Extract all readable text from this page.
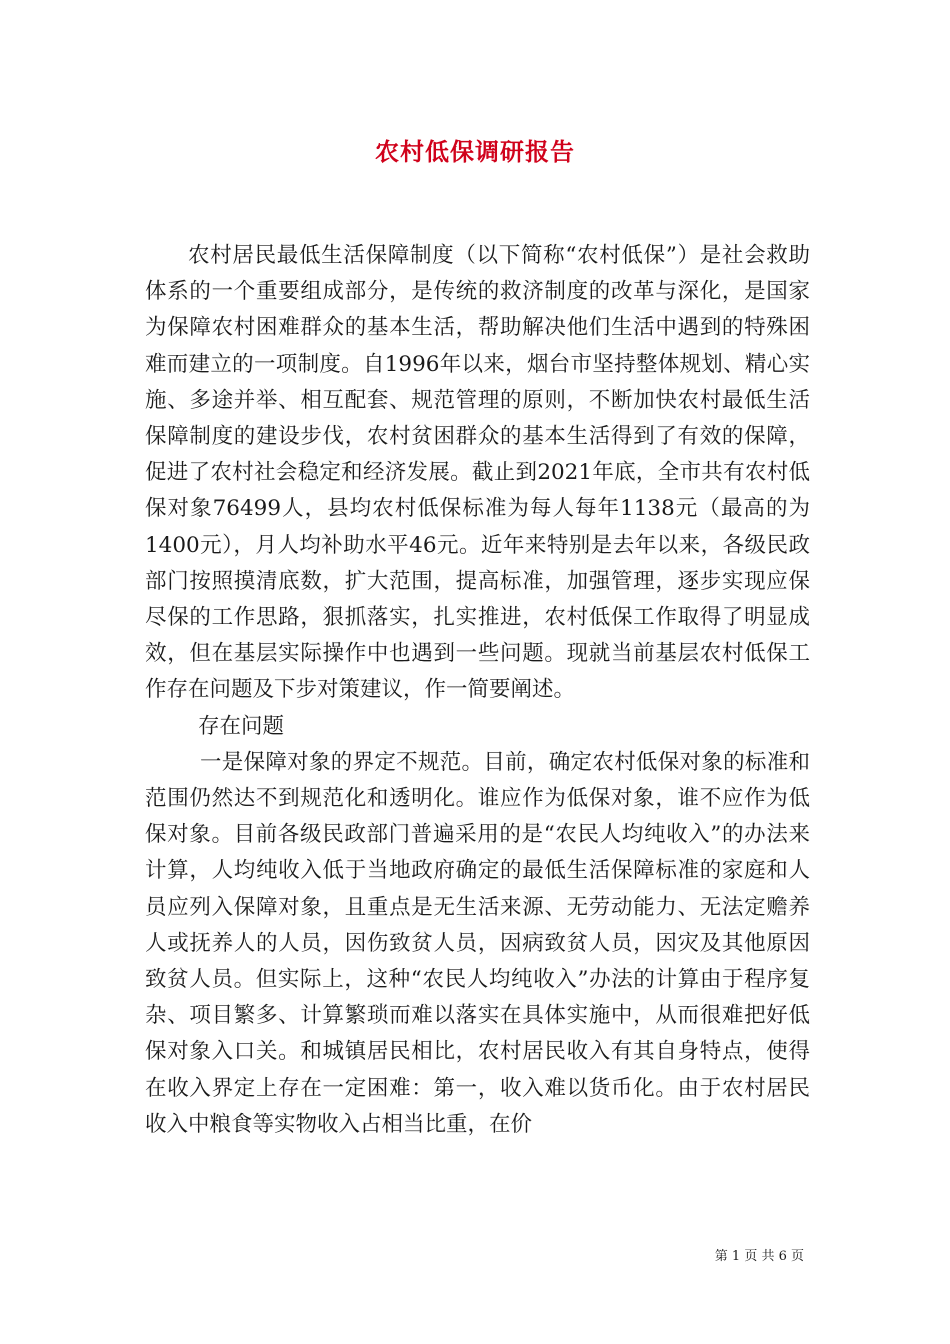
农村低保调研报告

农村居民最低生活保障制度（以下简称“农村低保”）是社会救助体系的一个重要组成部分，是传统的救济制度的改革与深化，是国家为保障农村困难群众的基本生活，帮助解决他们生活中遇到的特殊困难而建立的一项制度。自1996年以来，烟台市坚持整体规划、精心实施、多途并举、相互配套、规范管理的原则，不断加快农村最低生活保障制度的建设步伐，农村贫困群众的基本生活得到了有效的保障，促进了农村社会稳定和经济发展。截止到2021年底，全市共有农村低保对象76499人，县均农村低保标准为每人每年1138元（最高的为1400元），月人均补助水平46元。近年来特别是去年以来，各级民政部门按照摸清底数，扩大范围，提高标准，加强管理，逐步实现应保尽保的工作思路，狠抓落实，扎实推进，农村低保工作取得了明显成效，但在基层实际操作中也遇到一些问题。现就当前基层农村低保工作存在问题及下步对策建议，作一简要阐述。

存在问题

一是保障对象的界定不规范。目前，确定农村低保对象的标准和范围仍然达不到规范化和透明化。谁应作为低保对象，谁不应作为低保对象。目前各级民政部门普遍采用的是“农民人均纯收入”的办法来计算，人均纯收入低于当地政府确定的最低生活保障标准的家庭和人员应列入保障对象，且重点是无生活来源、无劳动能力、无法定赡养人或抚养人的人员，因伤致贫人员，因病致贫人员，因灾及其他原因致贫人员。但实际上，这种“农民人均纯收入”办法的计算由于程序复杂、项目繁多、计算繁琐而难以落实在具体实施中，从而很难把好低保对象入口关。和城镇居民相比，农村居民收入有其自身特点，使得在收入界定上存在一定困难：第一，收入难以货币化。由于农村居民收入中粮食等实物收入占相当比重，在价

第 1 页 共 6 页
